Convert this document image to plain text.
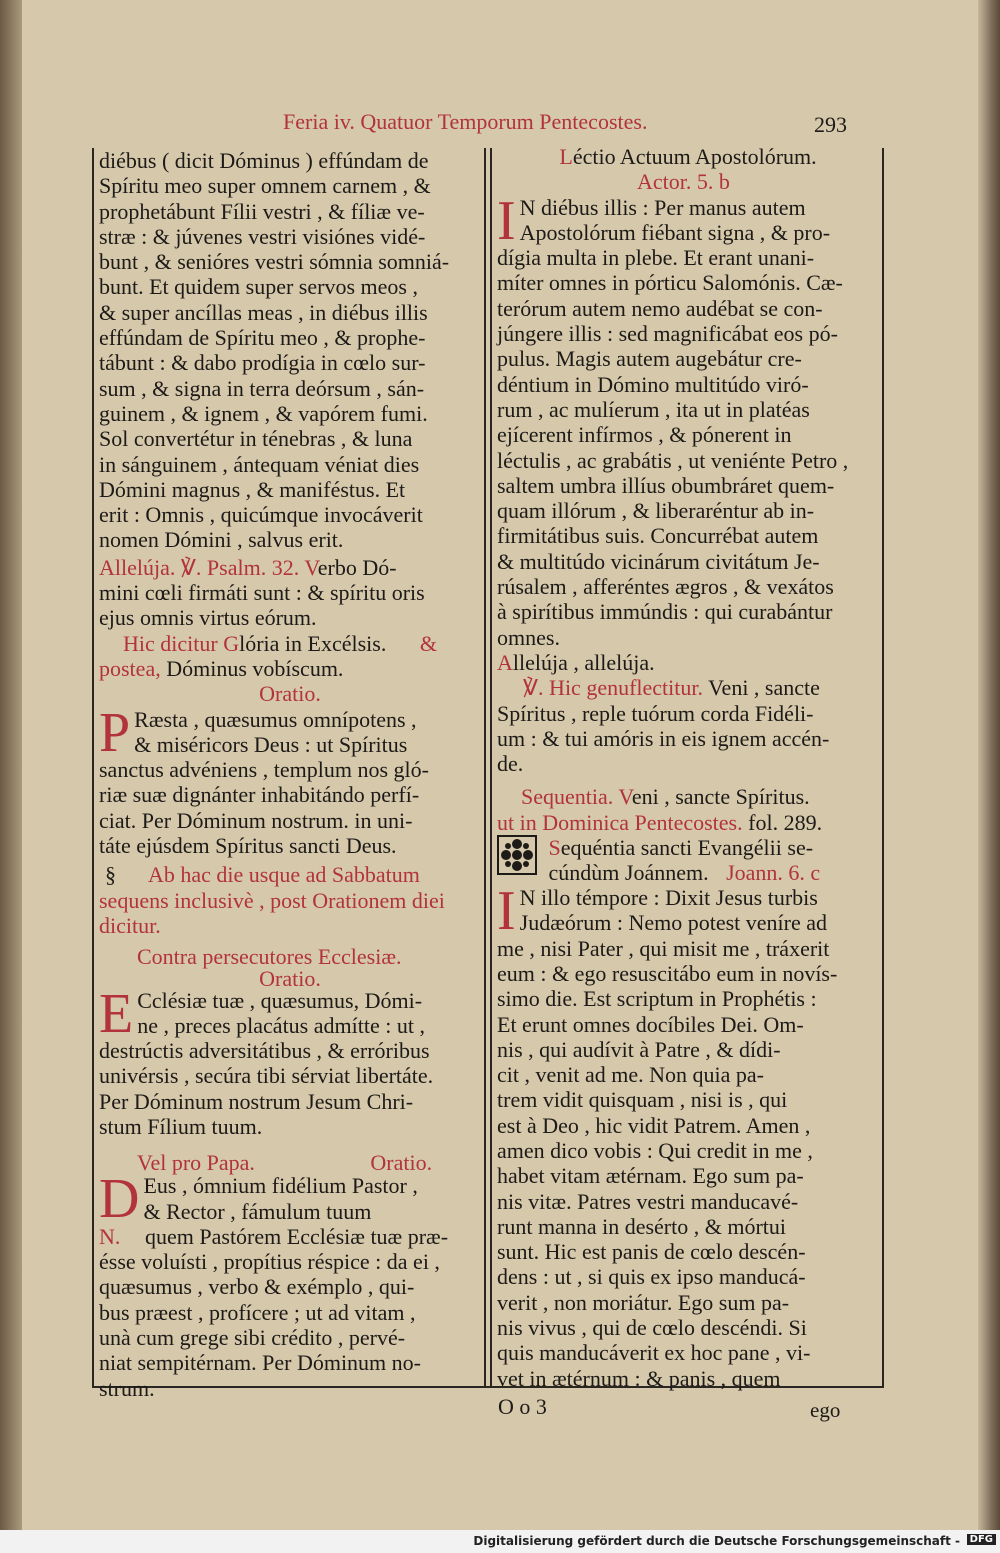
Feria iv. Quatuor Temporum Pentecostes.	293
diébus ( dicit Dóminus ) effúndam de
Spíritu meo super omnem carnem , &
prophetábunt Fílii vestri , & fíliæ ve-
stræ : & júvenes vestri visiónes vidé-
bunt , & senióres vestri sómnia somniá-
bunt. Et quidem super servos meos ,
& super ancíllas meas , in diébus illis
effúndam de Spíritu meo , & prophe-
tábunt : & dabo prodígia in cœlo sur-
sum , & signa in terra deórsum , sán-
guinem , & ignem , & vapórem fumi.
Sol convertétur in ténebras , & luna
in sánguinem , ántequam véniat dies
Dómini magnus , & maniféstus. Et
erit : Omnis , quicúmque invocáverit
nomen Dómini , salvus erit.
Allelúja. ℣. Psalm. 32. Verbo Dó-
mini cœli firmáti sunt : & spíritu oris
ejus omnis virtus eórum.
Hic dicitur Glória in Excélsis. &
postea, Dóminus vobíscum.
Oratio.
P Ræsta , quæsumus omnípotens ,
& miséricors Deus : ut Spíritus
sanctus advéniens , templum nos gló-
riæ suæ dignánter inhabitándo perfí-
ciat. Per Dóminum nostrum. in uni-
táte ejúsdem Spíritus sancti Deus.
§ Ab hac die usque ad Sabbatum
sequens inclusivè , post Orationem diei
dicitur.
Contra persecutores Ecclesiæ.
Oratio.
E Cclésiæ tuæ , quæsumus, Dómi-
ne , preces placátus admítte : ut ,
destrúctis adversitátibus , & erróribus
univérsis , secúra tibi sérviat libertáte.
Per Dóminum nostrum Jesum Chri-
stum Fílium tuum.
Vel pro Papa.	Oratio.
D Eus , ómnium fidélium Pastor ,
& Rector , fámulum tuum
N. quem Pastórem Ecclésiæ tuæ præ-
ésse voluísti , propítius réspice : da ei ,
quæsumus , verbo & exémplo , qui-
bus præest , profícere ; ut ad vitam ,
unà cum grege sibi crédito , pervé-
niat sempitérnam. Per Dóminum no-
strum.
Léctio Actuum Apostolórum.
Actor. 5. b
I N diébus illis : Per manus autem
Apostolórum fiébant signa , & pro-
dígia multa in plebe. Et erant unani-
míter omnes in pórticu Salomónis. Cæ-
terórum autem nemo audébat se con-
júngere illis : sed magnificábat eos pó-
pulus. Magis autem augebátur cre-
déntium in Dómino multitúdo viró-
rum , ac mulíerum , ita ut in platéas
ejícerent infírmos , & pónerent in
léctulis , ac grabátis , ut veniénte Petro ,
saltem umbra illíus obumbráret quem-
quam illórum , & liberaréntur ab in-
firmitátibus suis. Concurrébat autem
& multitúdo vicinárum civitátum Je-
rúsalem , afferéntes ægros , & vexátos
à spirítibus immúndis : qui curabántur
omnes.
Allelúja , allelúja.
℣. Hic genuflectitur. Veni , sancte
Spíritus , reple tuórum corda Fidéli-
um : & tui amóris in eis ignem accén-
de.
Sequentia. Veni , sancte Spíritus.
ut in Dominica Pentecostes. fol. 289.

Sequéntia sancti Evangélii se-
cúndùm Joánnem. Joann. 6. c
I N illo témpore : Dixit Jesus turbis
Judæórum : Nemo potest veníre ad
me , nisi Pater , qui misit me , tráxerit
eum : & ego resuscitábo eum in novís-
simo die. Est scriptum in Prophétis :
Et erunt omnes docíbiles Dei. Om-
nis , qui audívit à Patre , & dídi-
cit , venit ad me. Non quia pa-
trem vidit quisquam , nisi is , qui
est à Deo , hic vidit Patrem. Amen ,
amen dico vobis : Qui credit in me ,
habet vitam ætérnam. Ego sum pa-
nis vitæ. Patres vestri manducavé-
runt manna in desérto , & mórtui
sunt. Hic est panis de cœlo descén-
dens : ut , si quis ex ipso manducá-
verit , non moriátur. Ego sum pa-
nis vivus , qui de cœlo descéndi. Si
quis manducáverit ex hoc pane , vi-
vet in ætérnum : & panis , quem
O o 3	ego
Digitalisierung gefördert durch die Deutsche Forschungsgemeinschaft - DFG
